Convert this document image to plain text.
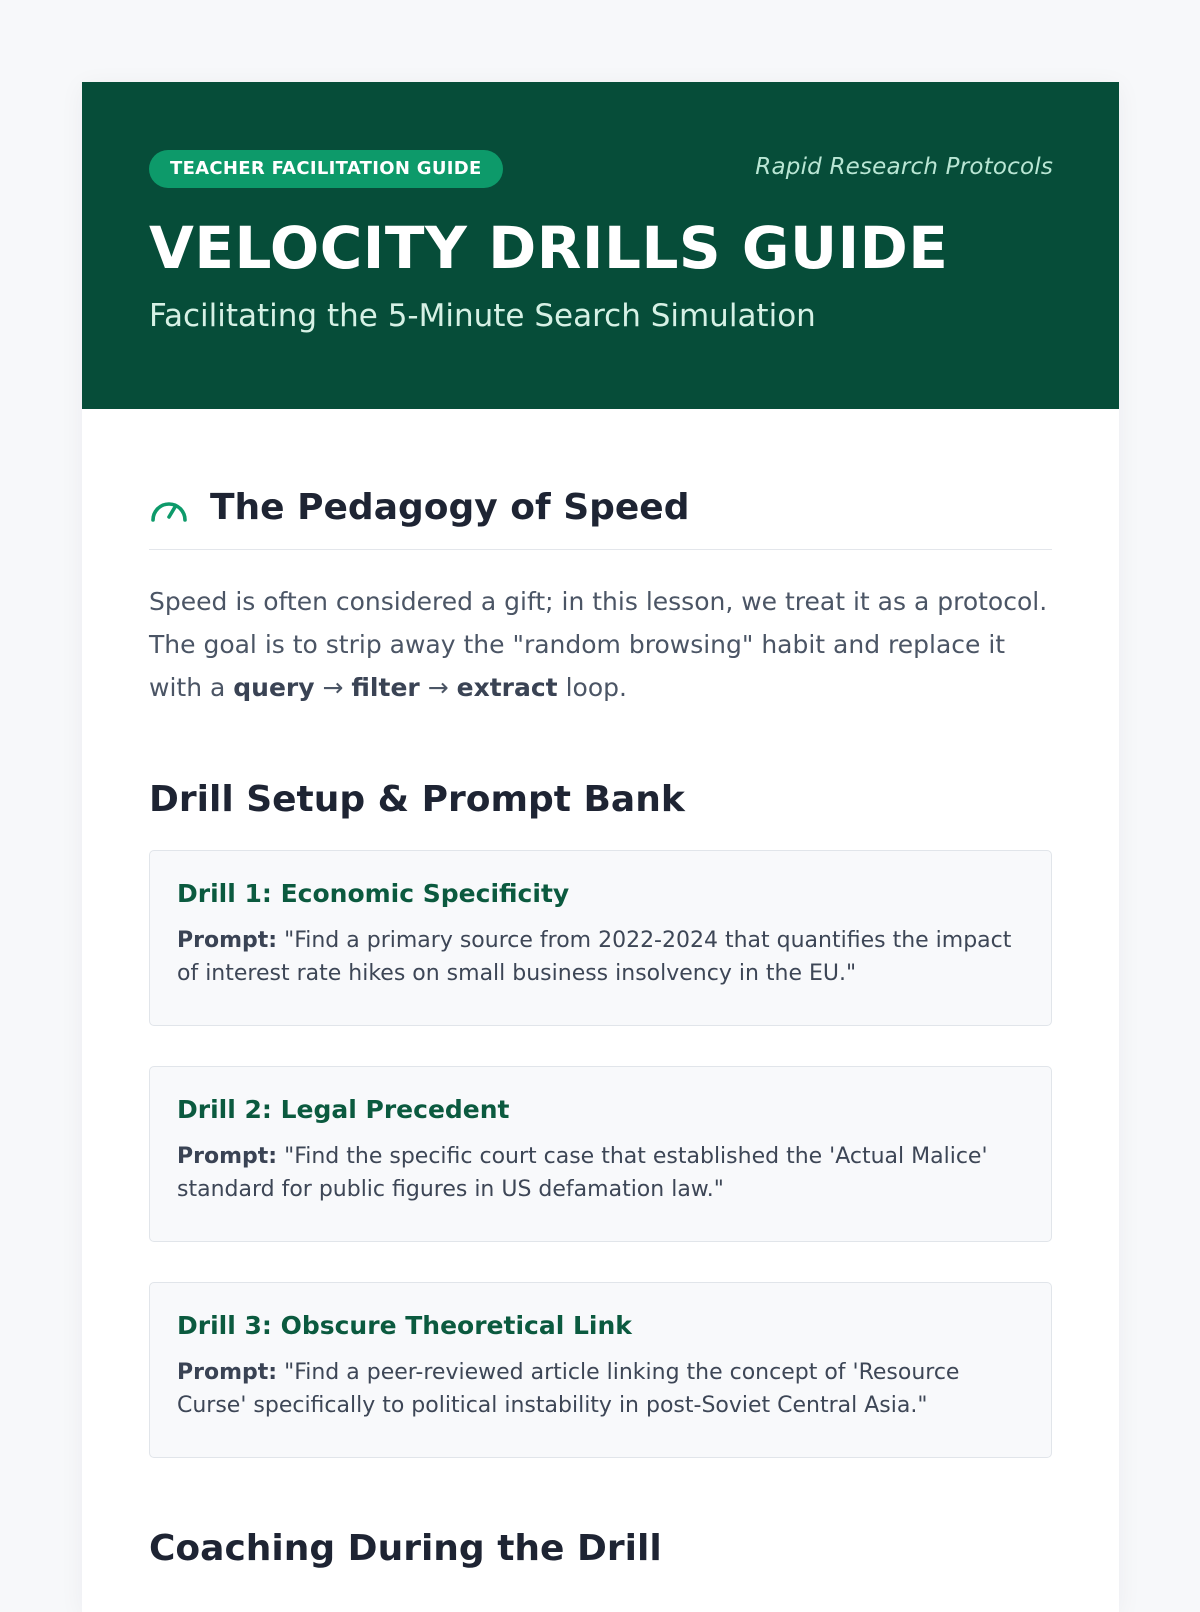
TEACHER FACILITATION GUIDE	Rapid Research Protocols
VELOCITY DRILLS GUIDE

Facilitating the 5-Minute Search Simulation

The Pedagogy of Speed

Speed is often considered a gift; in this lesson, we treat it as a protocol. The goal is to strip away the "random browsing" habit and replace it with a query → filter → extract loop.

Drill Setup & Prompt Bank
Drill 1: Economic Specificity

Prompt: "Find a primary source from 2022-2024 that quantifies the impact of interest rate hikes on small business insolvency in the EU."

Drill 2: Legal Precedent

Prompt: "Find the specific court case that established the 'Actual Malice' standard for public figures in US defamation law."

Drill 3: Obscure Theoretical Link

Prompt: "Find a peer-reviewed article linking the concept of 'Resource Curse' specifically to political instability in post-Soviet Central Asia."

Coaching During the Drill
